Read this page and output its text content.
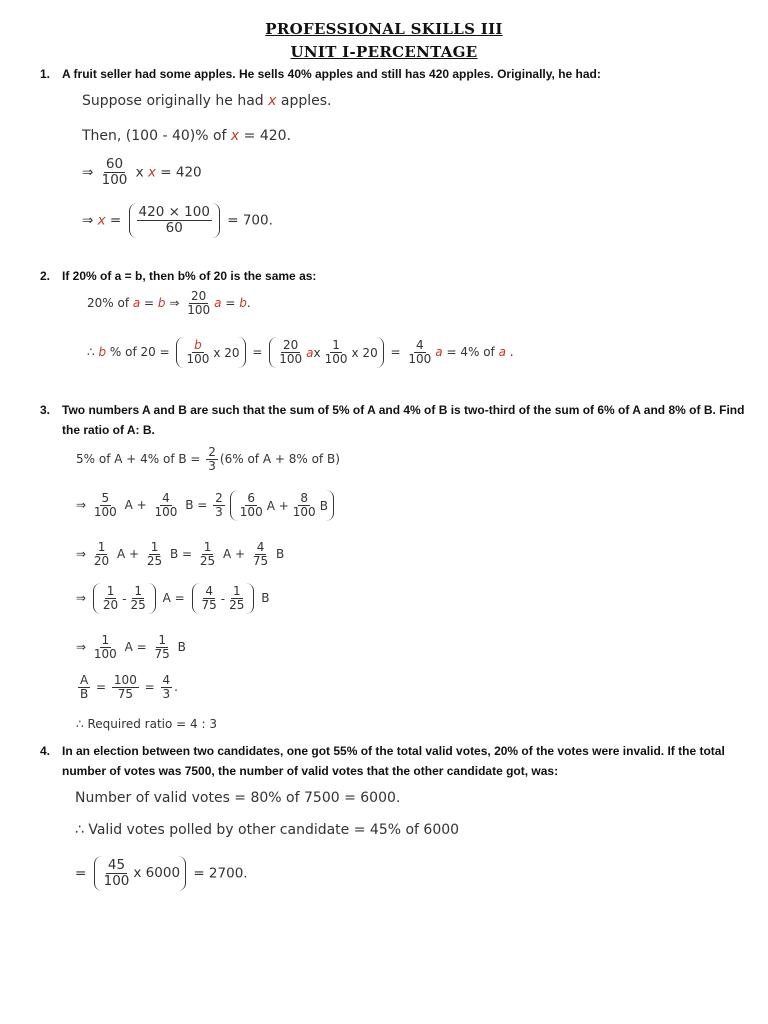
PROFESSIONAL SKILLS III
UNIT I-PERCENTAGE
1. A fruit seller had some apples. He sells 40% apples and still has 420 apples. Originally, he had:
Suppose originally he had x apples.
Then, (100 - 40)% of x = 420.
⇒ $\frac{60}{100}$ x x = 420
⇒ $x = \frac{420 \times 100}{60} = 700$.
2. If 20% of a = b, then b% of 20 is the same as:
20% of a = b ⇒ $\frac{20}{100}$ a = b.
∴ b % of $20 = \frac{b}{100}$ x $20 = \frac{20}{100}$ a x $\frac{1}{100}$ x $20 = \frac{4}{100}$ a = 4% of a .
3. Two numbers A and B are such that the sum of 5% of A and 4% of B is two-third of the sum of 6% of A and 8% of B. Find the ratio of A: B.
5% of A + 4% of $B = \frac{2}{3} (6\%$ of A + 8% of B)
⇒ $\frac{5}{100}$ $A + \frac{4}{100}$ $B = \frac{2}{3} \frac{6}{100}$ $A + \frac{8}{100}$ B
⇒ $\frac{1}{20}$ $A + \frac{1}{25}$ $B = \frac{1}{25}$ $A + \frac{4}{75}$ B
⇒ $\frac{1}{20} - \frac{1}{25}$ $A = \frac{4}{75} - \frac{1}{25}$ B
⇒ $\frac{1}{100}$ $A = \frac{1}{75}$ B
$\frac{A}{B} = \frac{100}{75} = \frac{4}{3}$ .
∴ Required ratio = 4 : 3
4. In an election between two candidates, one got 55% of the total valid votes, 20% of the votes were invalid. If the total number of votes was 7500, the number of valid votes that the other candidate got, was:
Number of valid votes = 80% of 7500 = 6000.
∴ Valid votes polled by other candidate = 45% of 6000
= $\frac{45}{100}$ x 6000 = 2700.
